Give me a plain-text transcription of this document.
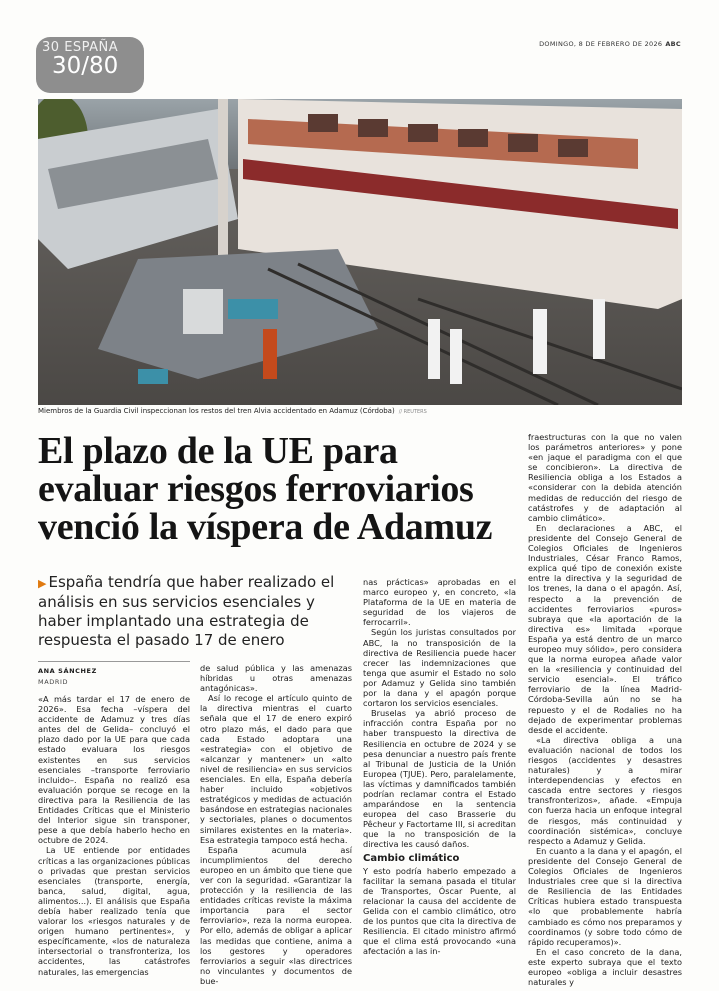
30 ESPAÑA
30/80
DOMINGO, 8 DE FEBRERO DE 2026 ABC
Miembros de la Guardia Civil inspeccionan los restos del tren Alvia accidentado en Adamuz (Córdoba) // REUTERS
El plazo de la UE para evaluar riesgos ferroviarios venció la víspera de Adamuz
▶ España tendría que haber realizado el análisis en sus servicios esenciales y haber implantado una estrategia de respuesta el pasado 17 de enero
ANA SÁNCHEZ
MADRID

«A más tardar el 17 de enero de 2026». Esa fecha –víspera del accidente de Adamuz y tres días antes del de Gelida– concluyó el plazo dado por la UE para que cada estado evaluara los riesgos existentes en sus servicios esenciales –transporte ferroviario incluido–. España no realizó esa evaluación porque se recoge en la directiva para la Resiliencia de las Entidades Críticas que el Ministerio del Interior sigue sin transponer, pese a que debía haberlo hecho en octubre de 2024.

La UE entiende por entidades críticas a las organizaciones públicas o privadas que prestan servicios esenciales (transporte, energía, banca, salud, digital, agua, alimentos...). El análisis que España debía haber realizado tenía que valorar los «riesgos naturales y de origen humano pertinentes», y específicamente, «los de naturaleza intersectorial o transfronteriza, los accidentes, las catástrofes naturales, las emergencias

de salud pública y las amenazas híbridas u otras amenazas antagónicas».

Así lo recoge el artículo quinto de la directiva mientras el cuarto señala que el 17 de enero expiró otro plazo más, el dado para que cada Estado adoptara una «estrategia» con el objetivo de «alcanzar y mantener» un «alto nivel de resiliencia» en sus servicios esenciales. En ella, España debería haber incluido «objetivos estratégicos y medidas de actuación basándose en estrategias nacionales y sectoriales, planes o documentos similares existentes en la materia». Esa estrategia tampoco está hecha.

España acumula así incumplimientos del derecho europeo en un ámbito que tiene que ver con la seguridad. «Garantizar la protección y la resiliencia de las entidades críticas reviste la máxima importancia para el sector ferroviario», reza la norma europea. Por ello, además de obligar a aplicar las medidas que contiene, anima a los gestores y operadores ferroviarios a seguir «las directrices no vinculantes y documentos de bue-

nas prácticas» aprobadas en el marco europeo y, en concreto, «la Plataforma de la UE en materia de seguridad de los viajeros de ferrocarril».

Según los juristas consultados por ABC, la no transposición de la directiva de Resiliencia puede hacer crecer las indemnizaciones que tenga que asumir el Estado no solo por Adamuz y Gelida sino también por la dana y el apagón porque cortaron los servicios esenciales.

Bruselas ya abrió proceso de infracción contra España por no haber transpuesto la directiva de Resiliencia en octubre de 2024 y se pesa denunciar a nuestro país frente al Tribunal de Justicia de la Unión Europea (TJUE). Pero, paralelamente, las víctimas y damnificados también podrían reclamar contra el Estado amparándose en la sentencia europea del caso Brasserie du Pêcheur y Factortame III, si acreditan que la no transposición de la directiva les causó daños.

Cambio climático

Y esto podría haberlo empezado a facilitar la semana pasada el titular de Transportes, Óscar Puente, al relacionar la causa del accidente de Gelida con el cambio climático, otro de los puntos que cita la directiva de Resiliencia. El citado ministro afirmó que el clima está provocando «una afectación a las in-

fraestructuras con la que no valen los parámetros anteriores» y pone «en jaque el paradigma con el que se concibieron». La directiva de Resiliencia obliga a los Estados a «considerar con la debida atención medidas de reducción del riesgo de catástrofes y de adaptación al cambio climático».

En declaraciones a ABC, el presidente del Consejo General de Colegios Oficiales de Ingenieros Industriales, César Franco Ramos, explica qué tipo de conexión existe entre la directiva y la seguridad de los trenes, la dana o el apagón. Así, respecto a la prevención de accidentes ferroviarios «puros» subraya que «la aportación de la directiva es» limitada «porque España ya está dentro de un marco europeo muy sólido», pero considera que la norma europea añade valor en la «resiliencia y continuidad del servicio esencial». El tráfico ferroviario de la línea Madrid-Córdoba-Sevilla aún no se ha repuesto y el de Rodalies no ha dejado de experimentar problemas desde el accidente.

«La directiva obliga a una evaluación nacional de todos los riesgos (accidentes y desastres naturales) y a mirar interdependencias y efectos en cascada entre sectores y riesgos transfronterizos», añade. «Empuja con fuerza hacia un enfoque integral de riesgos, más continuidad y coordinación sistémica», concluye respecto a Adamuz y Gelida.

En cuanto a la dana y el apagón, el presidente del Consejo General de Colegios Oficiales de Ingenieros Industriales cree que si la directiva de Resiliencia de las Entidades Críticas hubiera estado transpuesta «lo que probablemente habría cambiado es cómo nos preparamos y coordinamos (y sobre todo cómo de rápido recuperamos)».

En el caso concreto de la dana, este experto subraya que el texto europeo «obliga a incluir desastres naturales y
